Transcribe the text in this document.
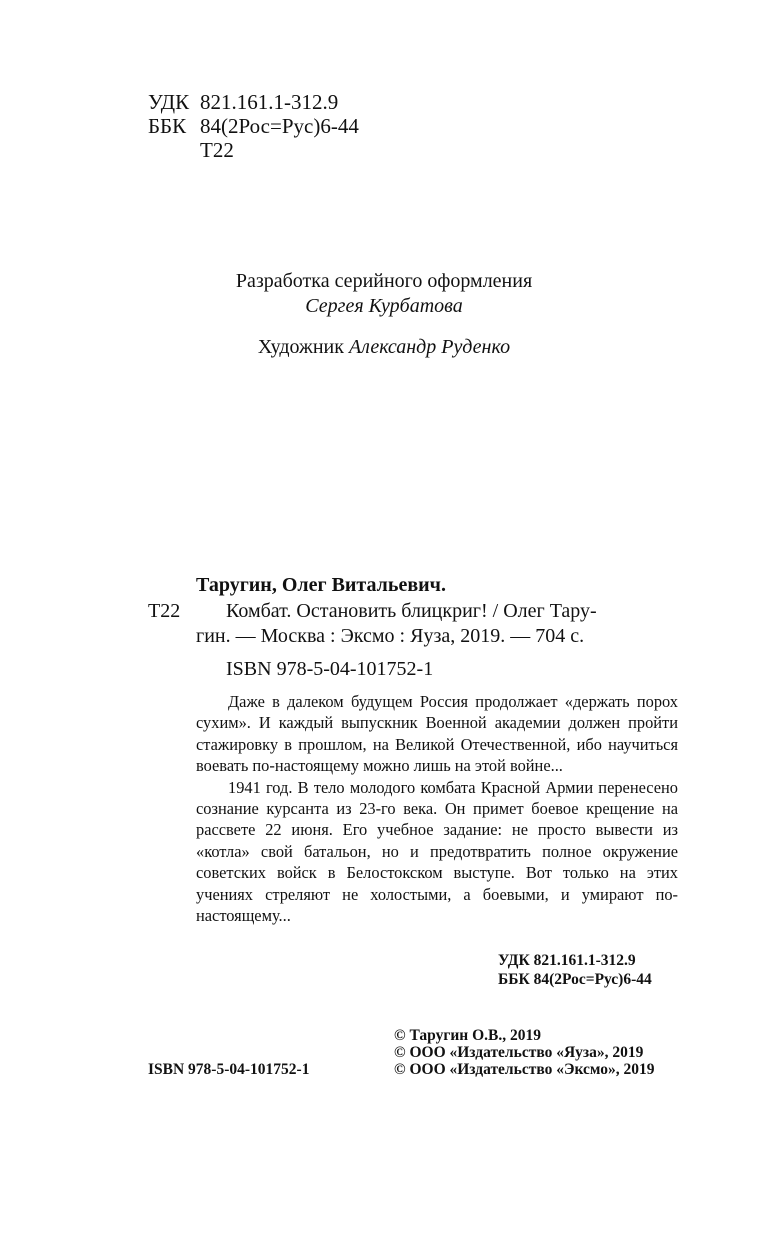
УДК 821.161.1-312.9
ББК 84(2Рос=Рус)6-44
Т22
Разработка серийного оформления
Сергея Курбатова
Художник Александр Руденко
Таругин, Олег Витальевич.
Т22 Комбат. Остановить блицкриг! / Олег Тару-
гин. — Москва : Эксмо : Яуза, 2019. — 704 с.
ISBN 978-5-04-101752-1

Даже в далеком будущем Россия продолжает «держать порох сухим». И каждый выпускник Военной академии должен пройти стажировку в прошлом, на Великой Отечественной, ибо научиться воевать по-настоящему можно лишь на этой войне...

1941 год. В тело молодого комбата Красной Армии перенесено сознание курсанта из 23-го века. Он примет боевое крещение на рассвете 22 июня. Его учебное задание: не просто вывести из «котла» свой батальон, но и предотвратить полное окружение советских войск в Белостокском выступе. Вот только на этих учениях стреляют не холостыми, а боевыми, и умирают по-настоящему...

УДК 821.161.1-312.9
ББК 84(2Рос=Рус)6-44
© Таругин О.В., 2019
© ООО «Издательство «Яуза», 2019
© ООО «Издательство «Эксмо», 2019
ISBN 978-5-04-101752-1
